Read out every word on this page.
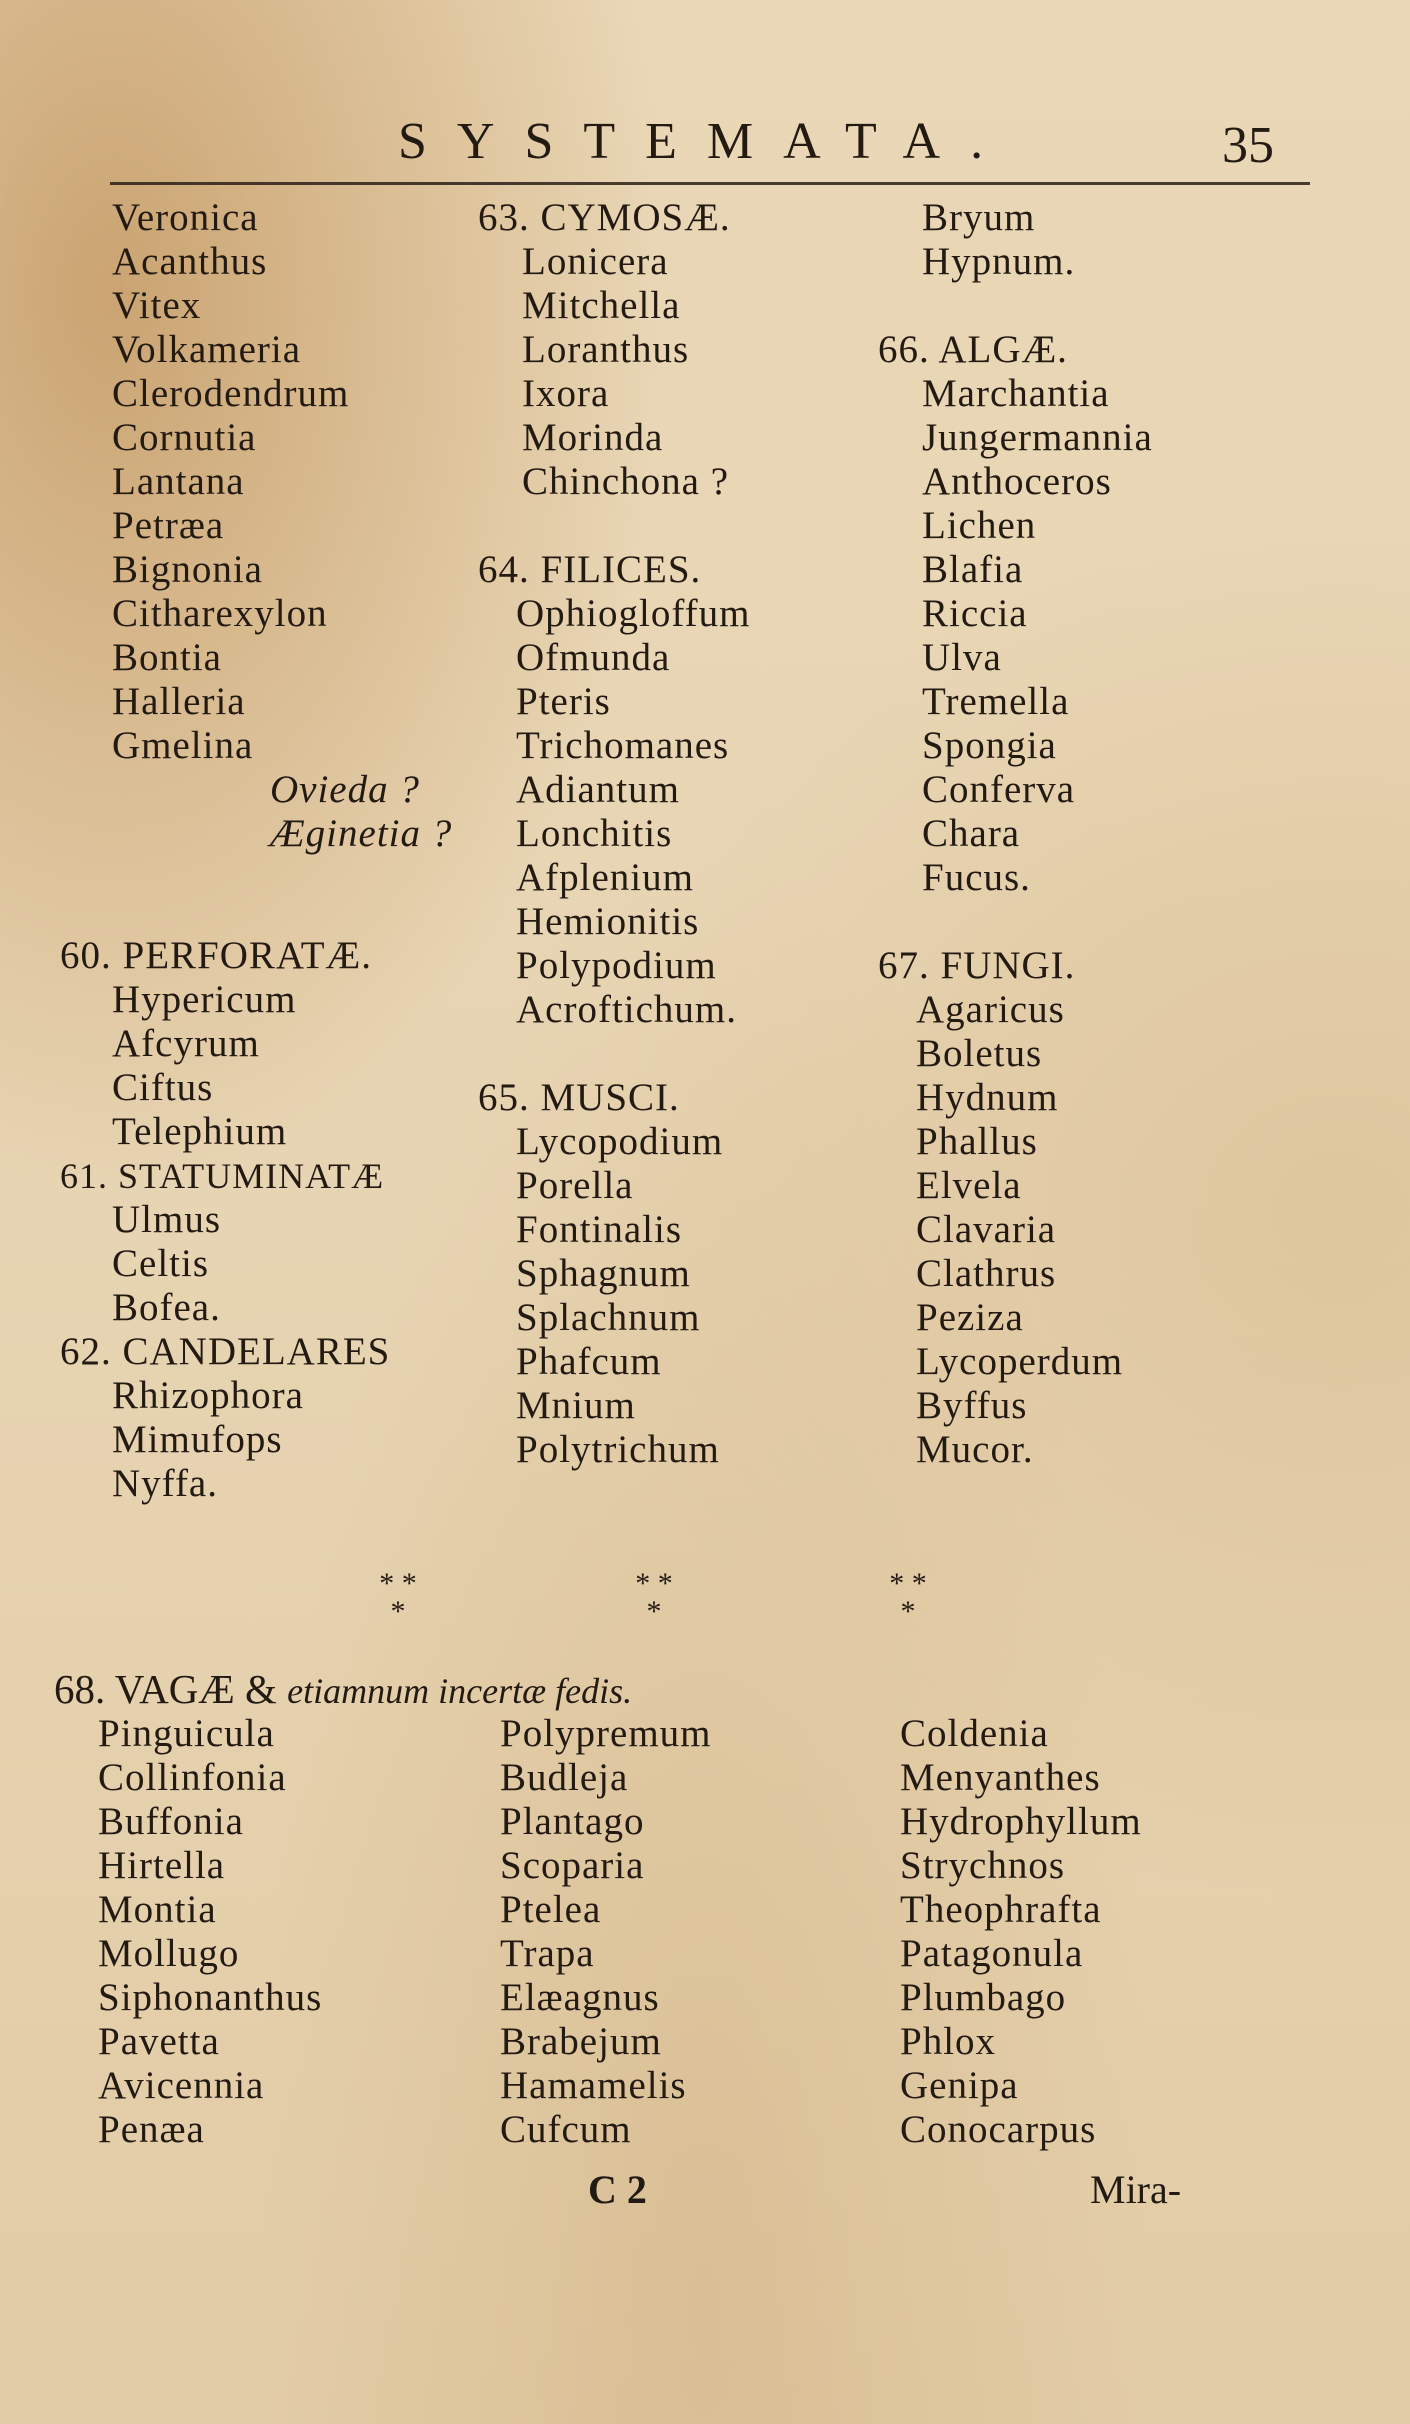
SYSTEMATA.	35
Veronica
Acanthus
Vitex
Volkameria
Clerodendrum
Cornutia
Lantana
Petræa
Bignonia
Citharexylon
Bontia
Halleria
Gmelina
Ovieda ?
Æginetia ?
60. PERFORATÆ.
Hypericum
Afcyrum
Ciftus
Telephium
61. STATUMINATÆ
Ulmus
Celtis
Bofea.
62. CANDELARES
Rhizophora
Mimufops
Nyffa.
63. CYMOSÆ.
Lonicera
Mitchella
Loranthus
Ixora
Morinda
Chinchona ?
64. FILICES.
Ophiogloffum
Ofmunda
Pteris
Trichomanes
Adiantum
Lonchitis
Afplenium
Hemionitis
Polypodium
Acroftichum.
65. MUSCI.
Lycopodium
Porella
Fontinalis
Sphagnum
Splachnum
Phafcum
Mnium
Polytrichum
Bryum
Hypnum.
66. ALGÆ.
Marchantia
Jungermannia
Anthoceros
Lichen
Blafia
Riccia
Ulva
Tremella
Spongia
Conferva
Chara
Fucus.
67. FUNGI.
Agaricus
Boletus
Hydnum
Phallus
Elvela
Clavaria
Clathrus
Peziza
Lycoperdum
Byffus
Mucor.
* *
*
* *
*
* *
*
68. VAGÆ & etiamnum incertæ fedis.
Pinguicula
Collinfonia
Buffonia
Hirtella
Montia
Mollugo
Siphonanthus
Pavetta
Avicennia
Penæa
Polypremum
Budleja
Plantago
Scoparia
Ptelea
Trapa
Elæagnus
Brabejum
Hamamelis
Cufcum
Coldenia
Menyanthes
Hydrophyllum
Strychnos
Theophrafta
Patagonula
Plumbago
Phlox
Genipa
Conocarpus
C 2	Mira-
